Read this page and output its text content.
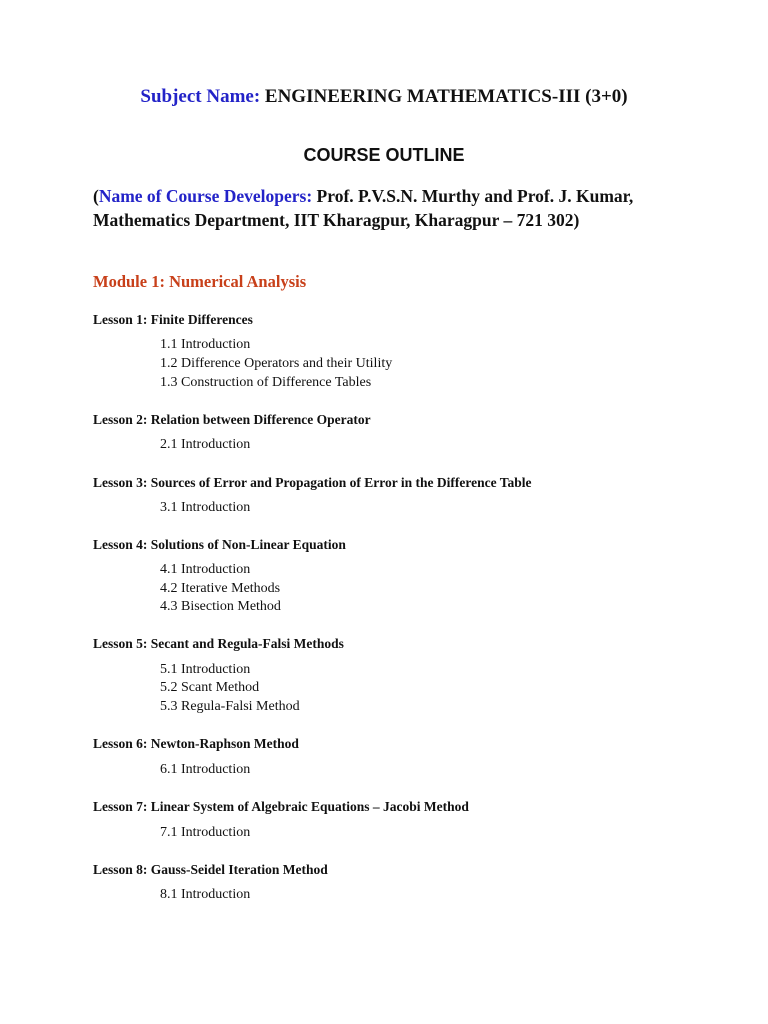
Subject Name: ENGINEERING MATHEMATICS-III (3+0)
COURSE OUTLINE
(Name of Course Developers: Prof. P.V.S.N. Murthy and Prof. J. Kumar,
Mathematics Department, IIT Kharagpur, Kharagpur – 721 302)
Module 1: Numerical Analysis
Lesson 1: Finite Differences
1.1 Introduction
1.2 Difference Operators and their Utility
1.3 Construction of Difference Tables
Lesson 2: Relation between Difference Operator
2.1 Introduction
Lesson 3: Sources of Error and Propagation of Error in the Difference Table
3.1 Introduction
Lesson 4: Solutions of Non-Linear Equation
4.1 Introduction
4.2 Iterative Methods
4.3 Bisection Method
Lesson 5: Secant and Regula-Falsi Methods
5.1 Introduction
5.2 Scant Method
5.3 Regula-Falsi Method
Lesson 6: Newton-Raphson Method
6.1 Introduction
Lesson 7: Linear System of Algebraic Equations – Jacobi Method
7.1 Introduction
Lesson 8: Gauss-Seidel Iteration Method
8.1 Introduction
